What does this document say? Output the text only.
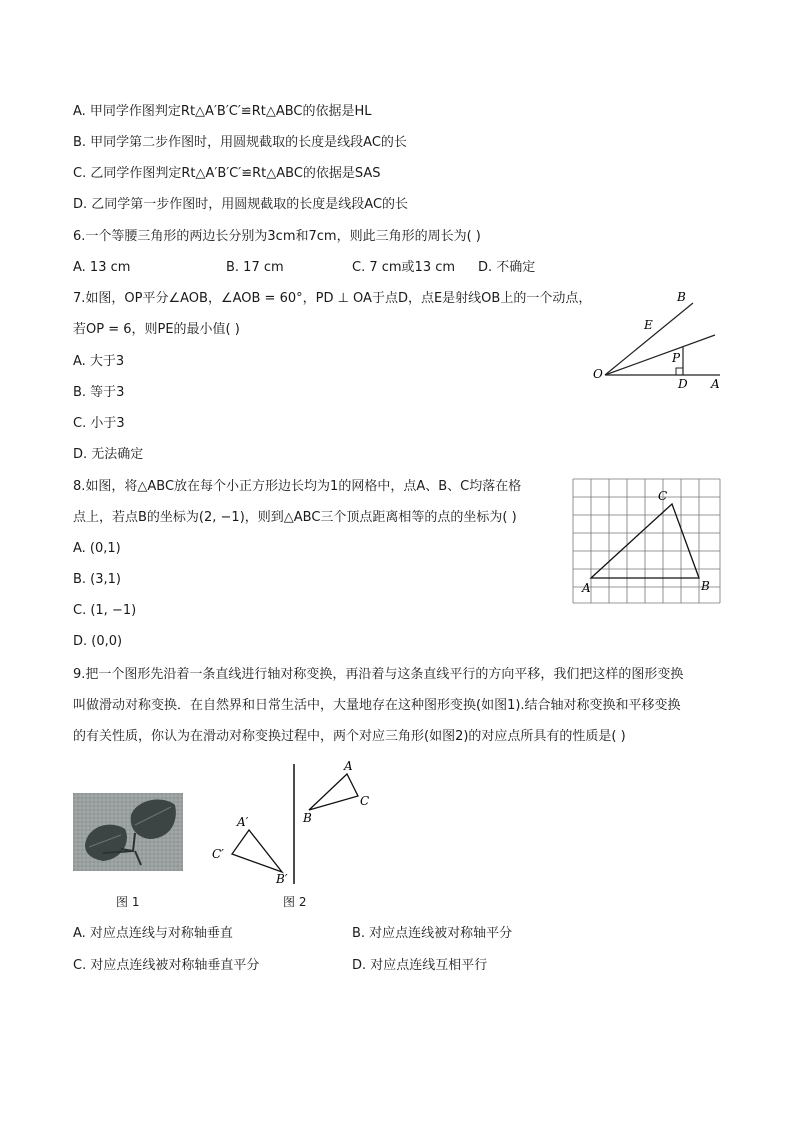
A. 甲同学作图判定Rt△A′B′C′≌Rt△ABC的依据是HL
B. 甲同学第二步作图时，用圆规截取的长度是线段AC的长
C. 乙同学作图判定Rt△A′B′C′≌Rt△ABC的依据是SAS
D. 乙同学第一步作图时，用圆规截取的长度是线段AC的长
6.一个等腰三角形的两边长分别为3cm和7cm，则此三角形的周长为( )
A. 13 cm	B. 17 cm	C. 7 cm或13 cm D. 不确定
7.如图，OP平分∠AOB，∠AOB = 60°，PD ⊥ OA于点D，点E是射线OB上的一个动点，
若OP = 6，则PE的最小值( )
A. 大于3
B. 等于3
C. 小于3
D. 无法确定
B
E
P
O
D A
8.如图，将△ABC放在每个小正方形边长均为1的网格中，点A、B、C均落在格
点上，若点B的坐标为(2, −1)，则到△ABC三个顶点距离相等的点的坐标为( )
A. (0,1)
B. (3,1)
C. (1, −1)
D. (0,0)
A	B
C
9.把一个图形先沿着一条直线进行轴对称变换，再沿着与这条直线平行的方向平移，我们把这样的图形变换
叫做滑动对称变换．在自然界和日常生活中，大量地存在这种图形变换(如图1).结合轴对称变换和平移变换
的有关性质，你认为在滑动对称变换过程中，两个对应三角形(如图2)的对应点所具有的性质是( )
图 1
A
B
C
A′
C′
B′
图 2
A. 对应点连线与对称轴垂直	B. 对应点连线被对称轴平分
C. 对应点连线被对称轴垂直平分	D. 对应点连线互相平行
